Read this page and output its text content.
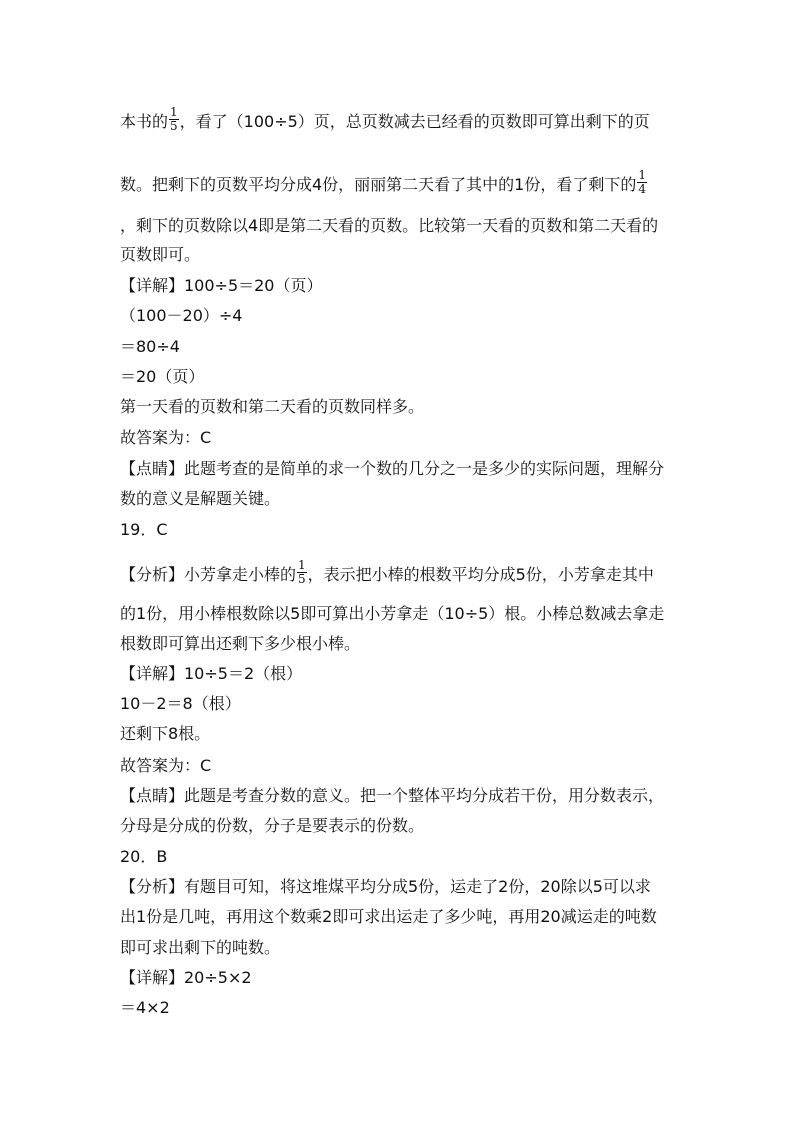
本书的 $\frac{1}{5}$ ，看了（100÷5）页，总页数减去已经看的页数即可算出剩下的页
数。把剩下的页数平均分成4份，丽丽第二天看了其中的1份，看了剩下的 $\frac{1}{4}$
，剩下的页数除以4即是第二天看的页数。比较第一天看的页数和第二天看的
页数即可。
【详解】100÷5＝20（页）
（100－20）÷4
＝80÷4
＝20（页）
第一天看的页数和第二天看的页数同样多。
故答案为：C
【点睛】此题考查的是简单的求一个数的几分之一是多少的实际问题，理解分
数的意义是解题关键。
19．C
【分析】小芳拿走小棒的 $\frac{1}{5}$ ，表示把小棒的根数平均分成5份，小芳拿走其中
的1份，用小棒根数除以5即可算出小芳拿走（10÷5）根。小棒总数减去拿走
根数即可算出还剩下多少根小棒。
【详解】10÷5＝2（根）
10－2＝8（根）
还剩下8根。
故答案为：C
【点睛】此题是考查分数的意义。把一个整体平均分成若干份，用分数表示，
分母是分成的份数，分子是要表示的份数。
20．B
【分析】有题目可知，将这堆煤平均分成5份，运走了2份，20除以5可以求
出1份是几吨，再用这个数乘2即可求出运走了多少吨，再用20减运走的吨数
即可求出剩下的吨数。
【详解】20÷5×2
＝4×2
